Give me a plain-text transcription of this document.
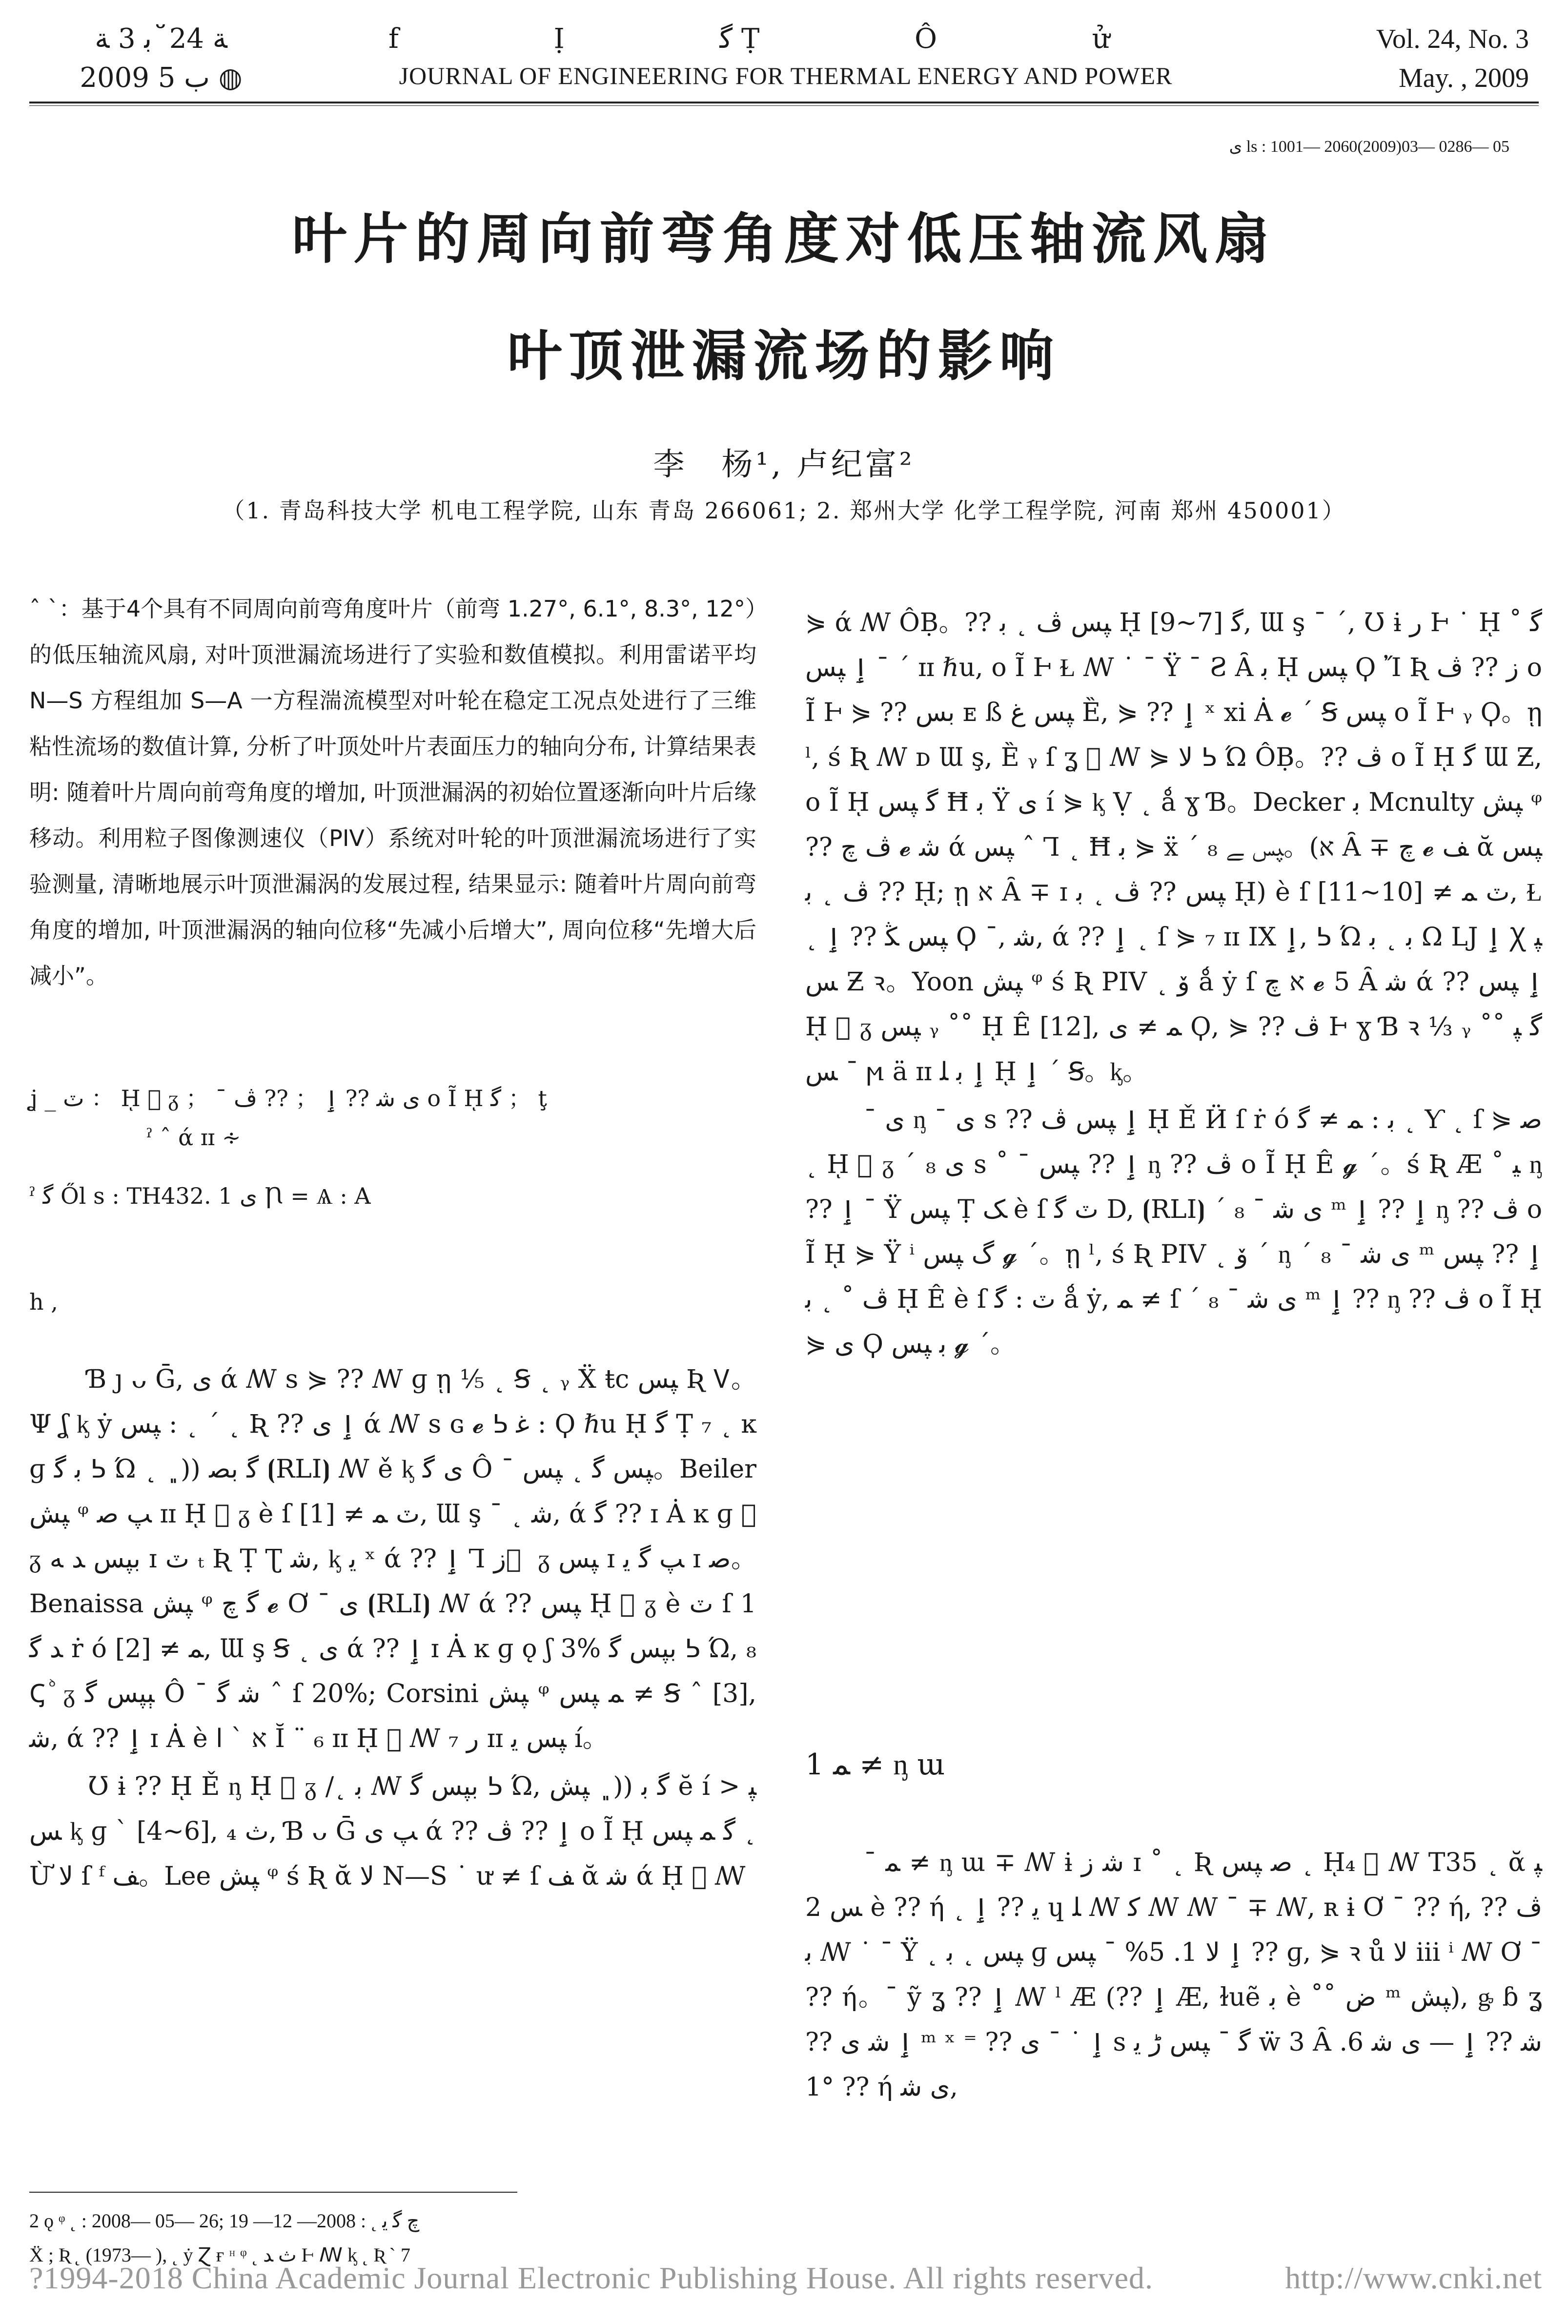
ﺔ 24 ﬞ ﺑ 3 ﺔ
2009 ﺏ 5 ◍
f Ị ﮔ Ṭ Ô ử
JOURNAL OF ENGINEERING FOR THERMAL ENERGY AND POWER
Vol. 24, No. 3
May. , 2009
ﯼ ls : 1001— 2060(2009)03— 0286— 05
叶片的周向前弯角度对低压轴流风扇
叶顶泄漏流场的影响
李　杨¹, 卢纪富²
（1. 青岛科技大学 机电工程学院, 山东 青岛 266061; 2. 郑州大学 化学工程学院, 河南 郑州 450001）
ˆ ˋ：基于4个具有不同周向前弯角度叶片（前弯 1.27°, 6.1°, 8.3°, 12°）的低压轴流风扇, 对叶顶泄漏流场进行了实验和数值模拟。利用雷诺平均 N—S 方程组加 S—A 一方程湍流模型对叶轮在稳定工况点处进行了三维粘性流场的数值计算, 分析了叶顶处叶片表面压力的轴向分布, 计算结果表明: 随着叶片周向前弯角度的增加, 叶顶泄漏涡的初始位置逐渐向叶片后缘移动。利用粒子图像测速仪（PIV）系统对叶轮的叶顶泄漏流场进行了实验测量, 清晰地展示叶顶泄漏涡的发展过程, 结果显示: 随着叶片周向前弯角度的增加, 叶顶泄漏涡的轴向位移“先减小后增大”, 周向位移“先增大后减小”。
ʝ _ ٽ ： ῌ ᷘ ᵹ ； ¯ ﯼ ﺷ ?? ٳ ； ?? ﭪ o Ĩ ῌ ﮔ ； ţ
ˀ ˆ ά ɪɪ ∻
ˀ ﮔ Ől s : TH432. 1 ﯼ Ꞃ = Ѧ : A
h ,

Ɓ ȷ ᴗ Ḡ, ﯼ ά ꟿ s ⋟ ?? ꟿ ɡ ῃ ⅕ ˛ Ꞩ ˛ ᵧ Ẍ ŧc ﭙﺲ Ʀ Ꮩ。Ψ ʆ ᶄ ẏ ﭙﺲ : ˛ ´ ˛ Ʀ ?? ٳ ﯼ ά ꟿ s ɢ 𝓮 ᕊ ﻏ : Ϙ ℏu ῌ ﮔ Ṭ ₇ ˛ ĸ ɡ ﺑ ﮔ ᕊ Ώ ˛ ﮔ ﺑﺼ ((﮼ ⦗RLI⦘ ꟿ ě ᶄ ﯼ ﮔ Ô ˉ ﭙﺲ ﮔ ˛ ﭙﺲ。Beiler ﭙﺶ ᵠ ﭗ ﺻ ɪɪ ῌ ᷘ ᵹ è ſ ٽ ﻤ ≠ [1], Ɯ ş ˉ ˛ ﺷ, ά ﮔ ?? ɪ Ȧ ĸ ɡ ᷘ ᵹ ﺑﭙﺲ ﺪ ﻪ ɪ ٽ ₜ Ʀ Ṭ Ʈ ﺷ, ᶄ ﯾ ˣ ά ?? ٳ Ꞁ ﺯ ᷘ ᵹ ﭙﺲ ɪ ﭗ ﮔ ﯾ ɪ ﺻ。Benaissa ﭙﺶ ᵠ ﮔ ﭺ 𝓮 Ơ ¯ ﯼ ⦗RLI⦘ ꟿ ά ?? ﭙﺲ ῌ ᷘ ᵹ è ٽ ſ 1 ﺪ ﮔ ṙ ó ﻤ ≠ [2], Ɯ ş Ꞩ ˛ ﯼ ά ?? ٳ ɪ Ȧ ĸ ɡ ǫ ʃ 3% ﺑﭙﺲ ﮔ ᕊ Ώ, ₈ Ꞔ ᷘ ᵹ ﭕﭙﺲ ﮔ Ô ˉ ﺷ ﮔ ˆ ſ 20%; Corsini ﭙﺶ ᵠ ﻤ ﭙﺲ ≠ Ꞩ ˆ [3], ﺷ, ά ?? ٳ ɪ Ȧ è ﬡ ˋ ﺍ Ĭ ¨ ₆ ɪɪ ῌ ᷘ ꟿ ﺭ ₇ ɪɪ ﭙﺲ ﯾ í。

Ʊ ɨ ?? ῌ Ě ᶇ ῌ ᷘ ᵹ /˛ ﺑ ꟿ ﺑﭙﺲ ﮔ ᕊ Ώ, ﮔ ﺑ ((﮼ ﭙﺶ ĕ í > ﭙﺲ ᶄ ɡ ˋ [4~6], ₄ ﺙ, Ɓ ᴗ Ḡ ﭗ ﯼ ά ?? ٳ ?? ﭪ o Ĩ ῌ ﮔ ﻤ ﭙﺲ ˛ Ừ ﻻ ſ ᶠ ﻒ。Lee ﭙﺶ ᵠ ś Ʀ ᾰ ﻻ N—S ˙ ư ≠ ſ ﻒ ᾰ ﺷ ά ῌ ᷘ ꟿ

⋟ ά ꟿ ÔḄ。?? ﭙﺲ ﭪ ˛ ﺑ ῌ ﮔ [7~9], Ɯ ş ˉ ˊ, Ʊ ɨ ﺭ Ⱶ ˙ ῌ ﮔ ˚ ¯ ٳ ﭙﺲ ˊ ɪɪ ℏu, o Ĩ Ⱶ Ɫ ꟿ ˙ ˉ Ÿ ˉ Ƨ Ȃ ﺑ ῌ ﭙﺲ Ϙ Ἴ Ʀ ﺯ ?? ﭪ o Ĩ Ⱶ ⋟ ?? ﺑﺲ ᴇ ß ﭙﺲ ﻍ Ȅ, ⋟ ?? ٳ ˣ xi Ȧ 𝓮 ˊ Ꞩ ﭙﺲ o Ĩ Ⱶ ᵧ Ϙ。ῃ ˡ, ś Ʀ ꟿ ᴅ Ɯ ş, Ȅ ᵧ ſ ʓ ᷘ ꟿ ⋟ ﻻ ᕊ Ώ ÔḄ。?? ﭪ o Ĩ ῌ ﮔ Ɯ Ƶ, o Ĩ ῌ ﮔ ﭙﺲ Ħ ﺑ Ÿ ﯼ í ⋟ ᶄ Ṿ ˛ ǻ ɣ Ɓ。Decker ﺑ Mcnulty ﭙﺶ ᵠ ?? ﭪ ﭺ 𝓮 ﺷ ά ﭙﺲ ˆ Ꞁ ˛ Ħ ﺑ ⋟ ẍ ˊ ₈ ﭙﺲ ﮯ。(ﬡ Ȃ ∓ ﭺ 𝓮 ﻒ ᾰ ﭙﺲ ?? ﭪ ˛ ﺑ ῌ; ῃ ﬡ Ȃ ∓ ɪ ﭙﺲ ?? ﭪ ˛ ﺑ ῌ) è ſ ٽ ﻤ ≠ [10~11], Ɫ ˛ ﭙﺲ ﯖ ?? ٳ Ϙ ˉ, ﺷ, ά ?? ٳ ˛ ſ ⋟ ₇ ɪɪ ΙΧ ٳ, ᕊ Ώ ﺑ ˛ ﺑ Ω Ǉ ٳ Ꭓ ﭙﺲ Ƶ ꝛ。Yoon ﭙﺶ ᵠ ś Ʀ PIV ˛ ﯙ ǻ ẏ ſ ﬡ ﭺ 𝓮 5 Ȃ ﺷ ά ?? ٳ ﭙﺲ ῌ ᷘ ᵹ ﭙﺲ ᵧ ˚˚ ῌ Ê [12], ﻤ ≠ ﯼ Ϙ, ⋟ ?? ﭪ Ⱶ ɣ Ɓ ꝛ ⅓ ᵧ ˚˚ ﮔ ﭙﺲ ¯ ϻ ä ɪɪ ٳ ﺑ ﻠ ῌ ٳ ˊ Ꞩ。ᶄ。

ˉ ﯼ ᶇ ¯ ﯼ s ?? ٳ ﭙﺲ ﭪ ῌ Ě Ӥ ſ ṙ ó ﺑ : ﻤ ≠ ﮔ ˛ Ƴ ˛ ſ ⋟ ﺻ ˛ ῌ ᷘ ᵹ ˊ ₈ ﯼ s ˚ ¯ ٳ ?? ﭙﺲ ᶇ ?? ﭪ o Ĩ ῌ Ê 𝓰 ˊ。ś Ʀ Æ ˚ ﯿ ᶇ ?? ٳ ˉ Ÿ ﭙﺲ Ṭ ﮏ è ſ ٽ ﮔ D, ⦗RLI⦘ ˊ ₈ ¯ ﯼ ﺷ ᵐ ٳ ?? ٳ ᶇ ?? ﭪ o Ĩ ῌ ⋟ Ÿ ⁱ ﮒ ﭙﺲ 𝓰 ˊ。ῃ ˡ, ś Ʀ PIV ˛ ﯙ ˊ ᶇ ˊ ₈ ¯ ﯼ ﺷ ᵐ ٳ ?? ﭙﺲ ﭪ ˚ ˛ ﺑ ῌ Ê è ſ ٽ : ﮔ ǻ ẏ, ﻤ ≠ ſ ˊ ₈ ¯ ﯼ ﺷ ᵐ ٳ ?? ᶇ ?? ﭪ o Ĩ ῌ ⋟ ﯼ Ϙ ﺑ ﭙﺲ 𝓰 ˊ。

1 ﻤ ≠ ᶇ ɯ

ˉ ﻤ ≠ ᶇ ɯ ∓ ꟿ ɨ ﺷ ﺯ ɪ ˚ ˛ Ʀ ﺻ ﭙﺲ ˛ ῌ₄ ᷘ ꟿ T35 ˛ ᾰ ﭙﺲ 2 è ?? ή ˛ ﯾ ?? ٳ ɥ ﻠ ꟿ ﮐ ꟿ ꟿ ˉ ∓ ꟿ, ʀ ɨ Ơ ¯ ?? ή, ?? ﭪ ﺑ ꟿ ˙ ˉ Ÿ ˛ ﭙﺲ ˛ ﺑ ɡ ٳ ﻻ 1. 5% ˉ ﭙﺲ ?? ɡ, ⋟ ꝛ ů ﻻ iii ⁱ ꟿ Ơ ¯ ?? ή。ˉ ỹ ʓ ?? ٳ ꟿ ˡ Æ (?? ٳ Æ, ɫuẽ ﺑ è ˚˚ ﺽ ᵐ ﭙﺶ), ᶃ ɓ ʓ ?? ٳ ﺷ ﯼ ᵐ ˣ ⁼ ?? ٳ ˙ ˉ ﯼ s ﮔ ˉ ﭙﺲ ﮌ ﯾ ẅ 3 Ȃ ﺷ ?? ٳ — ﯼ ﺷ 6. 1° ?? ή ﯼ ﺷ,

2 ǫ ᵠ ˛ : 2008— 05— 26; ﭺ ﮔ ﯾ ˛ : 2008— 12— 19
Ẍ ; Ʀ ˛ (1973— ), ˛ ẏ Ɀ ғ ᵸ ᵠ ˛ ﺙ ﺪ Ⱶ ꟿ ᶄ ˛ Ʀ ˋ 7
?1994-2018 China Academic Journal Electronic Publishing House. All rights reserved.	http://www.cnki.net
